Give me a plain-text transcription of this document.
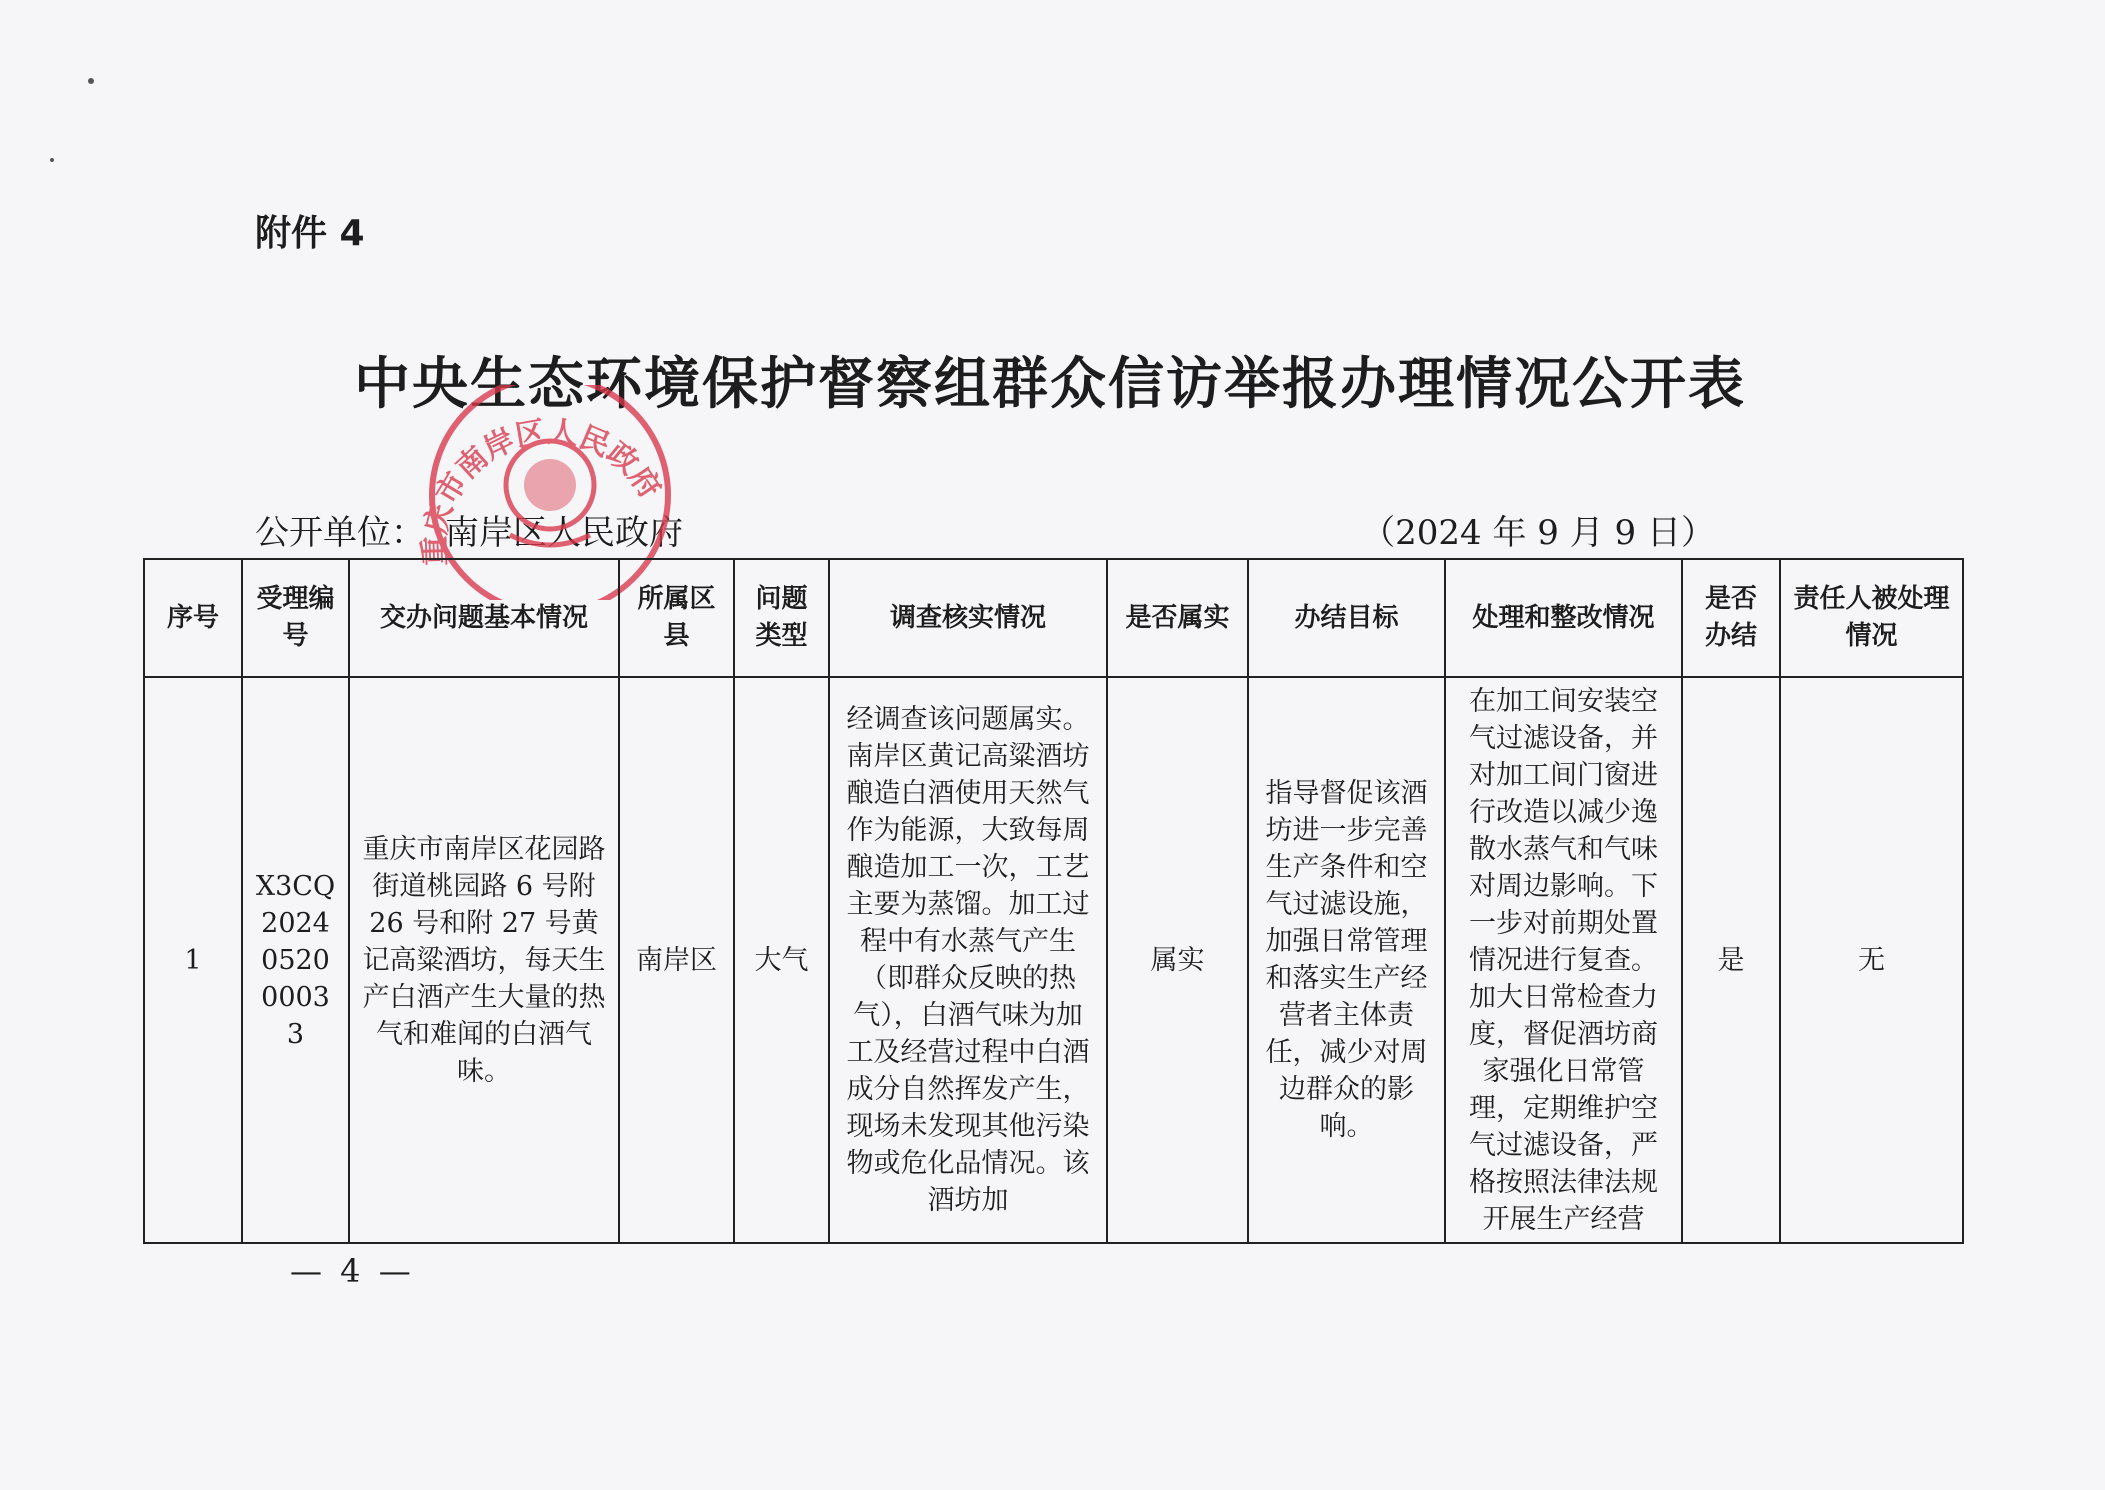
附件 4
中央生态环境保护督察组群众信访举报办理情况公开表
公开单位： 南岸区人民政府	（2024 年 9 月 9 日）
重庆市南岸区人民政府
序号	受理编号	交办问题基本情况	所属区县	问题类型	调查核实情况	是否属实	办结目标	处理和整改情况	是否办结	责任人被处理情况
1	X3CQ2024052000033	重庆市南岸区花园路街道桃园路 6 号附 26 号和附 27 号黄记高粱酒坊，每天生产白酒产生大量的热气和难闻的白酒气味。	南岸区	大气	经调查该问题属实。南岸区黄记高粱酒坊酿造白酒使用天然气作为能源，大致每周酿造加工一次，工艺主要为蒸馏。加工过程中有水蒸气产生（即群众反映的热气），白酒气味为加工及经营过程中白酒成分自然挥发产生，现场未发现其他污染物或危化品情况。该酒坊加	属实	指导督促该酒坊进一步完善生产条件和空气过滤设施，加强日常管理和落实生产经营者主体责任，减少对周边群众的影响。	在加工间安装空气过滤设备，并对加工间门窗进行改造以减少逸散水蒸气和气味对周边影响。下一步对前期处置情况进行复查。加大日常检查力度，督促酒坊商家强化日常管理，定期维护空气过滤设备，严格按照法律法规开展生产经营	是	无
— 4 —
